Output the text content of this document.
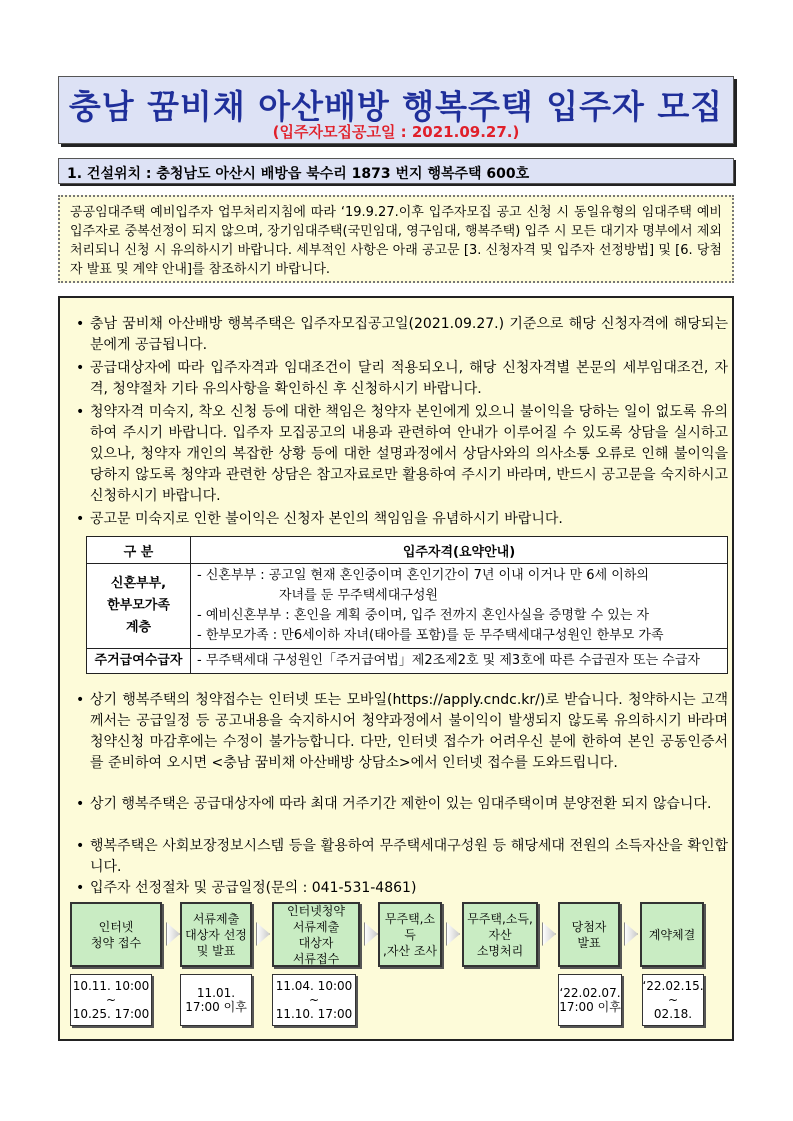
충남 꿈비채 아산배방 행복주택 입주자 모집
(입주자모집공고일 : 2021.09.27.)
1. 건설위치 : 충청남도 아산시 배방읍 북수리 1873 번지 행복주택 600호

공공임대주택 예비입주자 업무처리지침에 따라 ‘19.9.27.이후 입주자모집 공고 신청 시 동일유형의 임대주택 예비 입주자로 중복선정이 되지 않으며, 장기임대주택(국민임대, 영구임대, 행복주택) 입주 시 모든 대기자 명부에서 제외 처리되니 신청 시 유의하시기 바랍니다. 세부적인 사항은 아래 공고문 [3. 신청자격 및 입주자 선정방법] 및 [6. 당첨자 발표 및 계약 안내]를 참조하시기 바랍니다.

• 충남 꿈비채 아산배방 행복주택은 입주자모집공고일(2021.09.27.) 기준으로 해당 신청자격에 해당되는 분에게 공급됩니다.
• 공급대상자에 따라 입주자격과 임대조건이 달리 적용되오니, 해당 신청자격별 본문의 세부임대조건, 자격, 청약절차 기타 유의사항을 확인하신 후 신청하시기 바랍니다.
• 청약자격 미숙지, 착오 신청 등에 대한 책임은 청약자 본인에게 있으니 불이익을 당하는 일이 없도록 유의하여 주시기 바랍니다. 입주자 모집공고의 내용과 관련하여 안내가 이루어질 수 있도록 상담을 실시하고 있으나, 청약자 개인의 복잡한 상황 등에 대한 설명과정에서 상담사와의 의사소통 오류로 인해 불이익을 당하지 않도록 청약과 관련한 상담은 참고자료로만 활용하여 주시기 바라며, 반드시 공고문을 숙지하시고 신청하시기 바랍니다.
• 공고문 미숙지로 인한 불이익은 신청자 본인의 책임임을 유념하시기 바랍니다.
구 분	입주자격(요약안내)

신혼부부,
한부모가족
계층	- 신혼부부 : 공고일 현재 혼인중이며 혼인기간이 7년 이내 이거나 만 6세 이하의
자녀를 둔 무주택세대구성원
- 예비신혼부부 : 혼인을 계획 중이며, 입주 전까지 혼인사실을 증명할 수 있는 자
- 한부모가족 : 만6세이하 자녀(태아를 포함)를 둔 무주택세대구성원인 한부모 가족

주거급여수급자	- 무주택세대 구성원인「주거급여법」제2조제2호 및 제3호에 따른 수급권자 또는 수급자
• 상기 행복주택의 청약접수는 인터넷 또는 모바일(https://apply.cndc.kr/)로 받습니다. 청약하시는 고객께서는 공급일정 등 공고내용을 숙지하시어 청약과정에서 불이익이 발생되지 않도록 유의하시기 바라며 청약신청 마감후에는 수정이 불가능합니다. 다만, 인터넷 접수가 어려우신 분에 한하여 본인 공동인증서를 준비하여 오시면 <충남 꿈비채 아산배방 상담소>에서 인터넷 접수를 도와드립니다.
• 상기 행복주택은 공급대상자에 따라 최대 거주기간 제한이 있는 임대주택이며 분양전환 되지 않습니다.
• 행복주택은 사회보장정보시스템 등을 활용하여 무주택세대구성원 등 해당세대 전원의 소득자산을 확인합니다.
• 입주자 선정절차 및 공급일정(문의 : 041-531-4861)
인터넷
청약 접수
서류제출
대상자 선정
및 발표
인터넷청약
서류제출
대상자
서류접수
무주택,소득
,자산 조사
무주택,소득,
자산
소명처리
당첨자
발표
계약체결
10.11. 10:00
~
10.25. 17:00
11.01.
17:00 이후
11.04. 10:00
~
11.10. 17:00
‘22.02.07.
17:00 이후
‘22.02.15.
~
02.18.
